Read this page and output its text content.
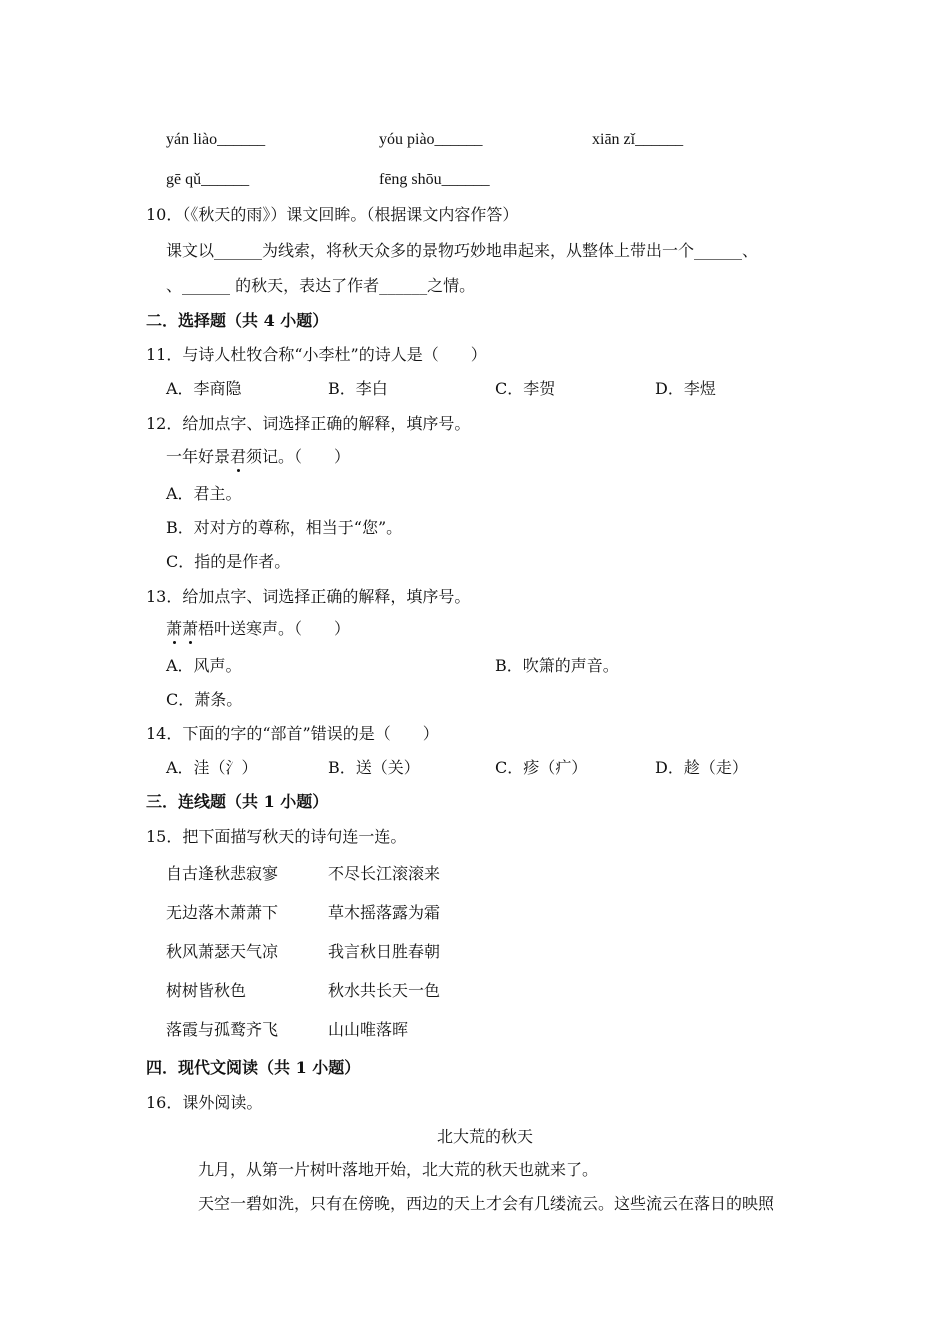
yán liào______	yóu piào______	xiān zǐ______
gē qǔ______	fēng shōu______
10．（《秋天的雨》）课文回眸。（根据课文内容作答）
课文以______为线索，将秋天众多的景物巧妙地串起来，从整体上带出一个______、
、______ 的秋天，表达了作者______之情。
二．选择题（共 4 小题）
11．与诗人杜牧合称“小李杜”的诗人是（　　）
A．李商隐	B．李白	C．李贺	D．李煜
12．给加点字、词选择正确的解释，填序号。
一年好景君须记。（　　）
A．君主。
B．对对方的尊称，相当于“您”。
C．指的是作者。
13．给加点字、词选择正确的解释，填序号。
萧萧梧叶送寒声。（　　）
A．风声。	B．吹箫的声音。
C．萧条。
14．下面的字的“部首”错误的是（　　）
A．洼（氵）	B．送（关）	C．疹（疒）	D．趁（走）
三．连线题（共 1 小题）
15．把下面描写秋天的诗句连一连。
自古逢秋悲寂寥	不尽长江滚滚来
无边落木萧萧下	草木摇落露为霜
秋风萧瑟天气凉	我言秋日胜春朝
树树皆秋色	秋水共长天一色
落霞与孤鹜齐飞	山山唯落晖
四．现代文阅读（共 1 小题）
16．课外阅读。
北大荒的秋天
九月，从第一片树叶落地开始，北大荒的秋天也就来了。
天空一碧如洗，只有在傍晚，西边的天上才会有几缕流云。这些流云在落日的映照
